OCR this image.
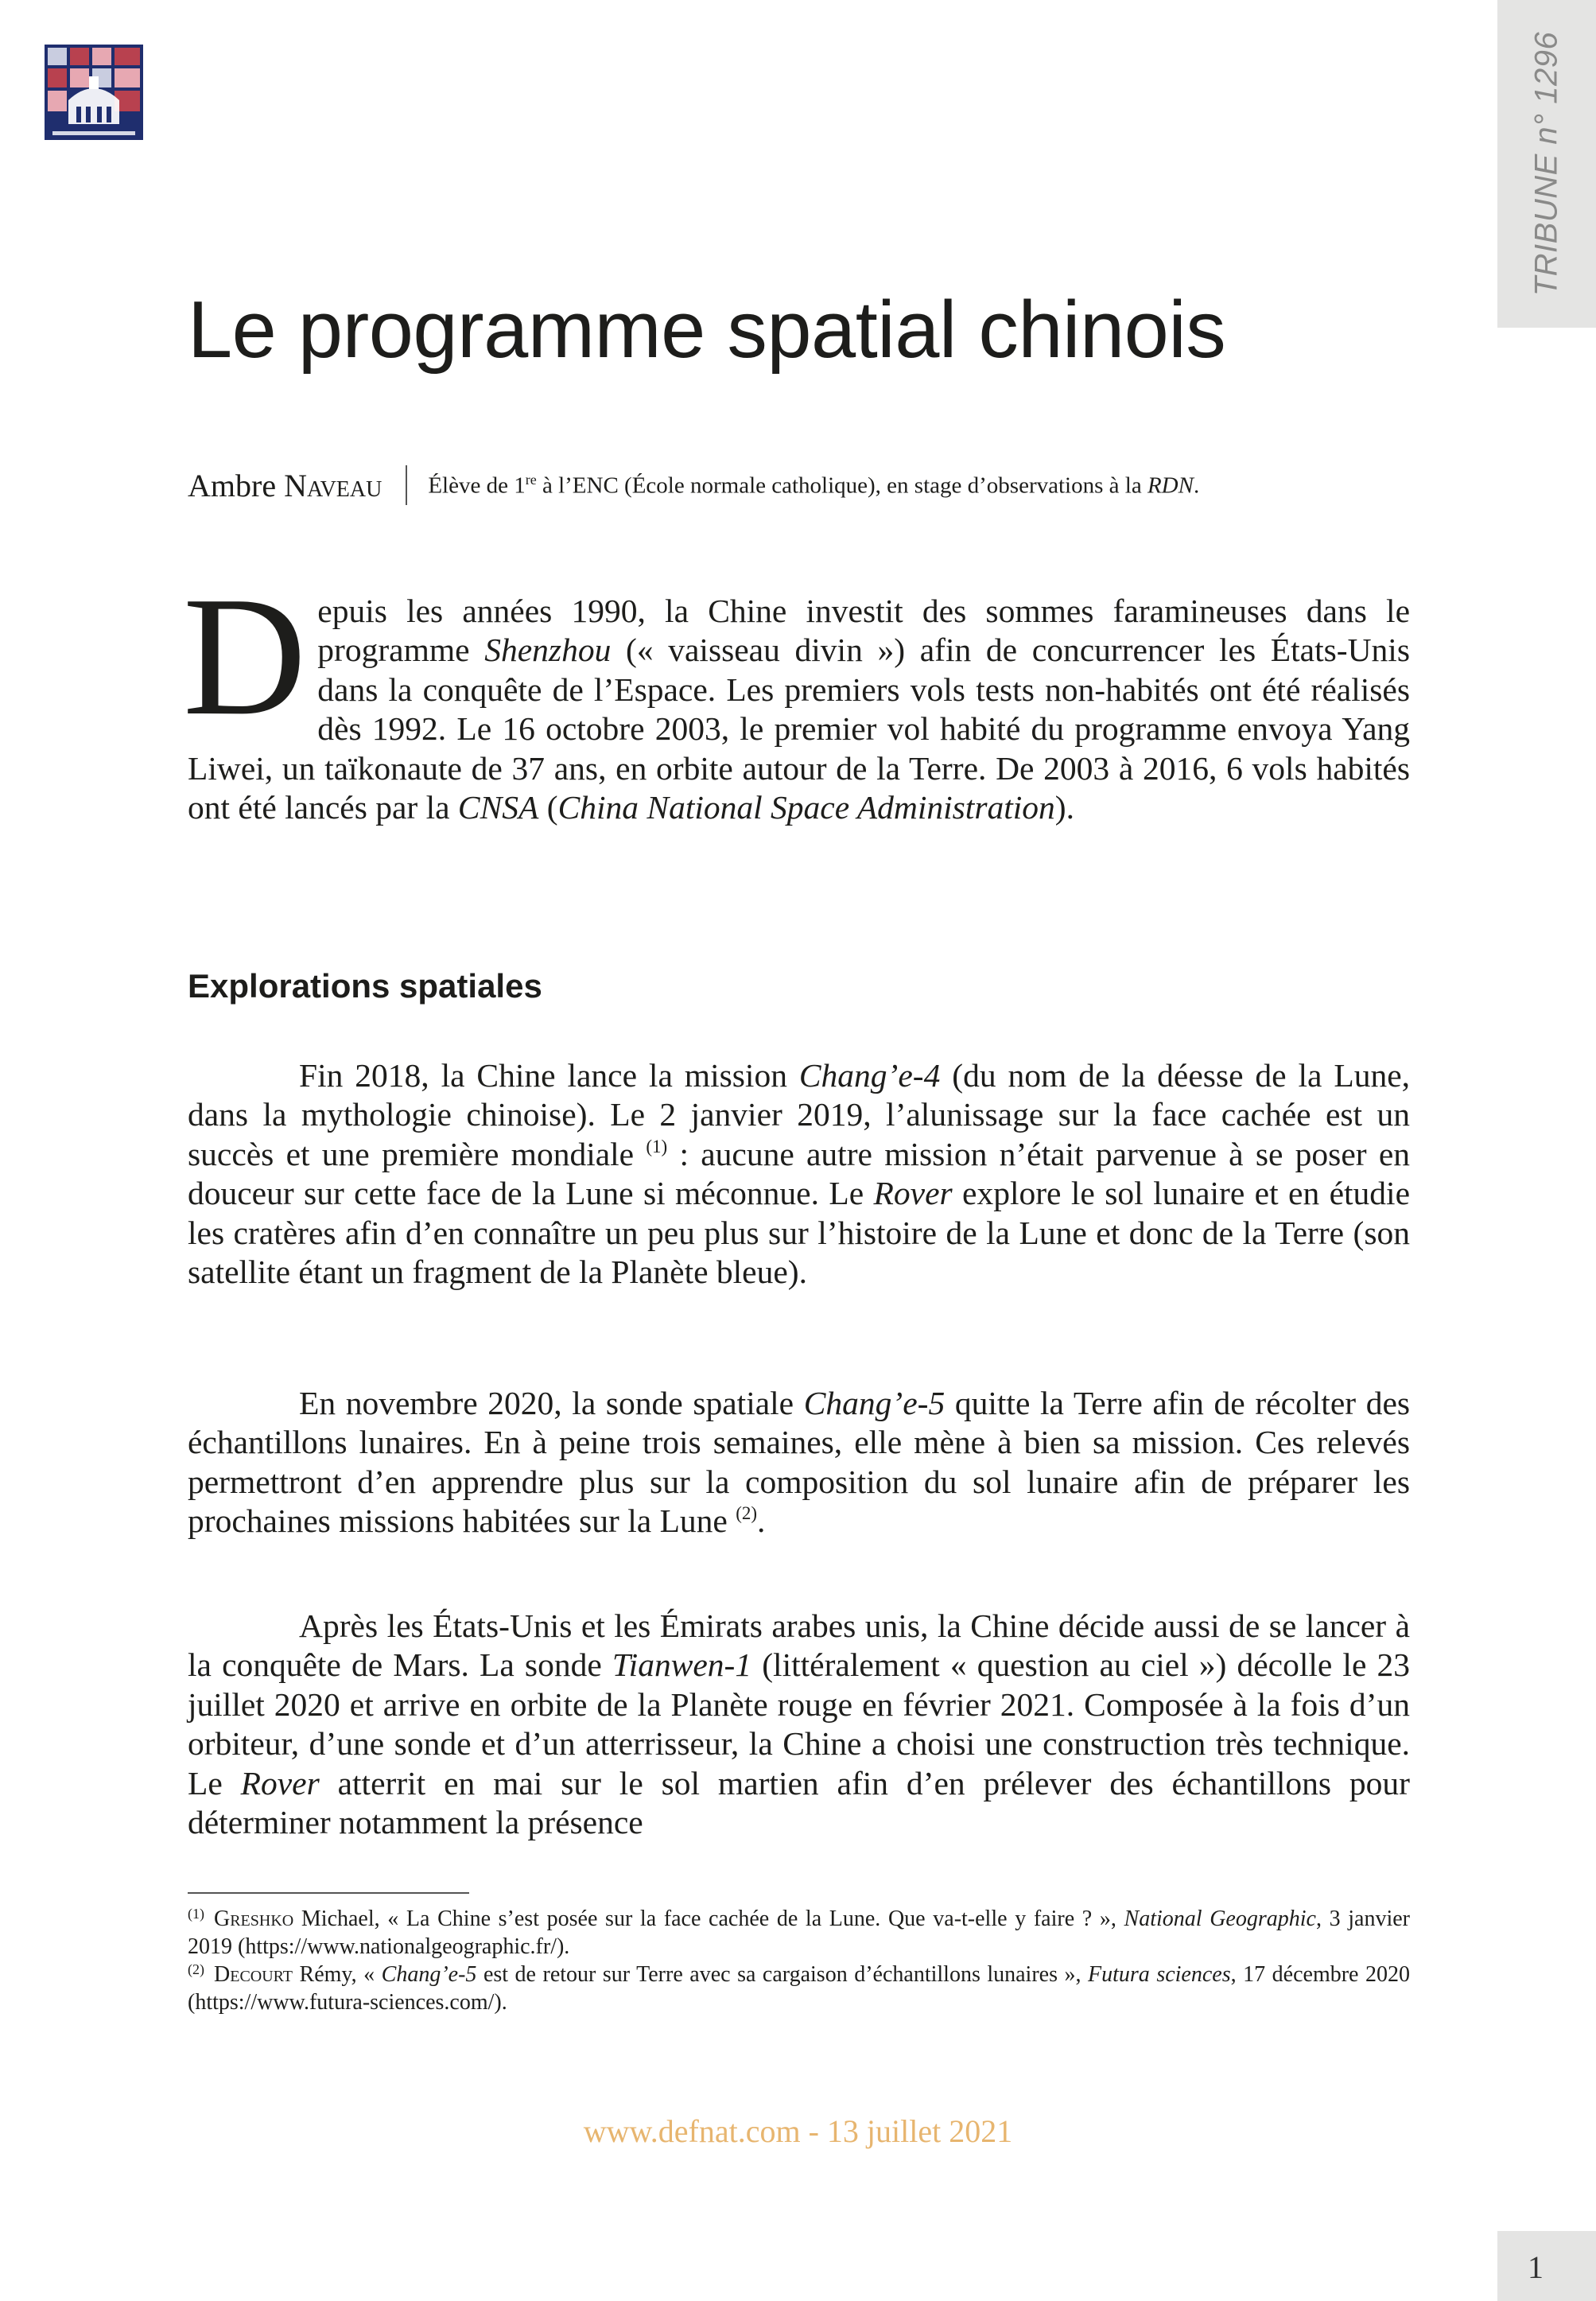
TRIBUNE n° 1296
Le programme spatial chinois
Ambre Naveau Élève de 1re à l’ENC (École normale catholique), en stage d’observations à la RDN.
Depuis les années 1990, la Chine investit des sommes faramineuses dans le programme Shenzhou (« vaisseau divin ») afin de concurrencer les États-Unis dans la conquête de l’Espace. Les premiers vols tests non-habités ont été réalisés dès 1992. Le 16 octobre 2003, le premier vol habité du programme envoya Yang Liwei, un taïkonaute de 37 ans, en orbite autour de la Terre. De 2003 à 2016, 6 vols habités ont été lancés par la CNSA (China National Space Administration).
Explorations spatiales
Fin 2018, la Chine lance la mission Chang’e-4 (du nom de la déesse de la Lune, dans la mythologie chinoise). Le 2 janvier 2019, l’alunissage sur la face cachée est un succès et une première mondiale $^{(1)}$ : aucune autre mission n’était parvenue à se poser en douceur sur cette face de la Lune si méconnue. Le Rover explore le sol lunaire et en étudie les cratères afin d’en connaître un peu plus sur l’histoire de la Lune et donc de la Terre (son satellite étant un fragment de la Planète bleue).
En novembre 2020, la sonde spatiale Chang’e-5 quitte la Terre afin de récolter des échantillons lunaires. En à peine trois semaines, elle mène à bien sa mission. Ces relevés permettront d’en apprendre plus sur la composition du sol lunaire afin de préparer les prochaines missions habitées sur la Lune $^{(2)}$.
Après les États-Unis et les Émirats arabes unis, la Chine décide aussi de se lancer à la conquête de Mars. La sonde Tianwen-1 (littéralement « question au ciel ») décolle le 23 juillet 2020 et arrive en orbite de la Planète rouge en février 2021. Composée à la fois d’un orbiteur, d’une sonde et d’un atterrisseur, la Chine a choisi une construction très technique. Le Rover atterrit en mai sur le sol martien afin d’en prélever des échantillons pour déterminer notamment la présence
$^{(1)}$ Greshko Michael, « La Chine s’est posée sur la face cachée de la Lune. Que va-t-elle y faire ? », National Geographic, 3 janvier 2019 (https://www.nationalgeographic.fr/).
$^{(2)}$ Decourt Rémy, « Chang’e-5 est de retour sur Terre avec sa cargaison d’échantillons lunaires », Futura sciences, 17 décembre 2020 (https://www.futura-sciences.com/).
www.defnat.com - 13 juillet 2021
1
